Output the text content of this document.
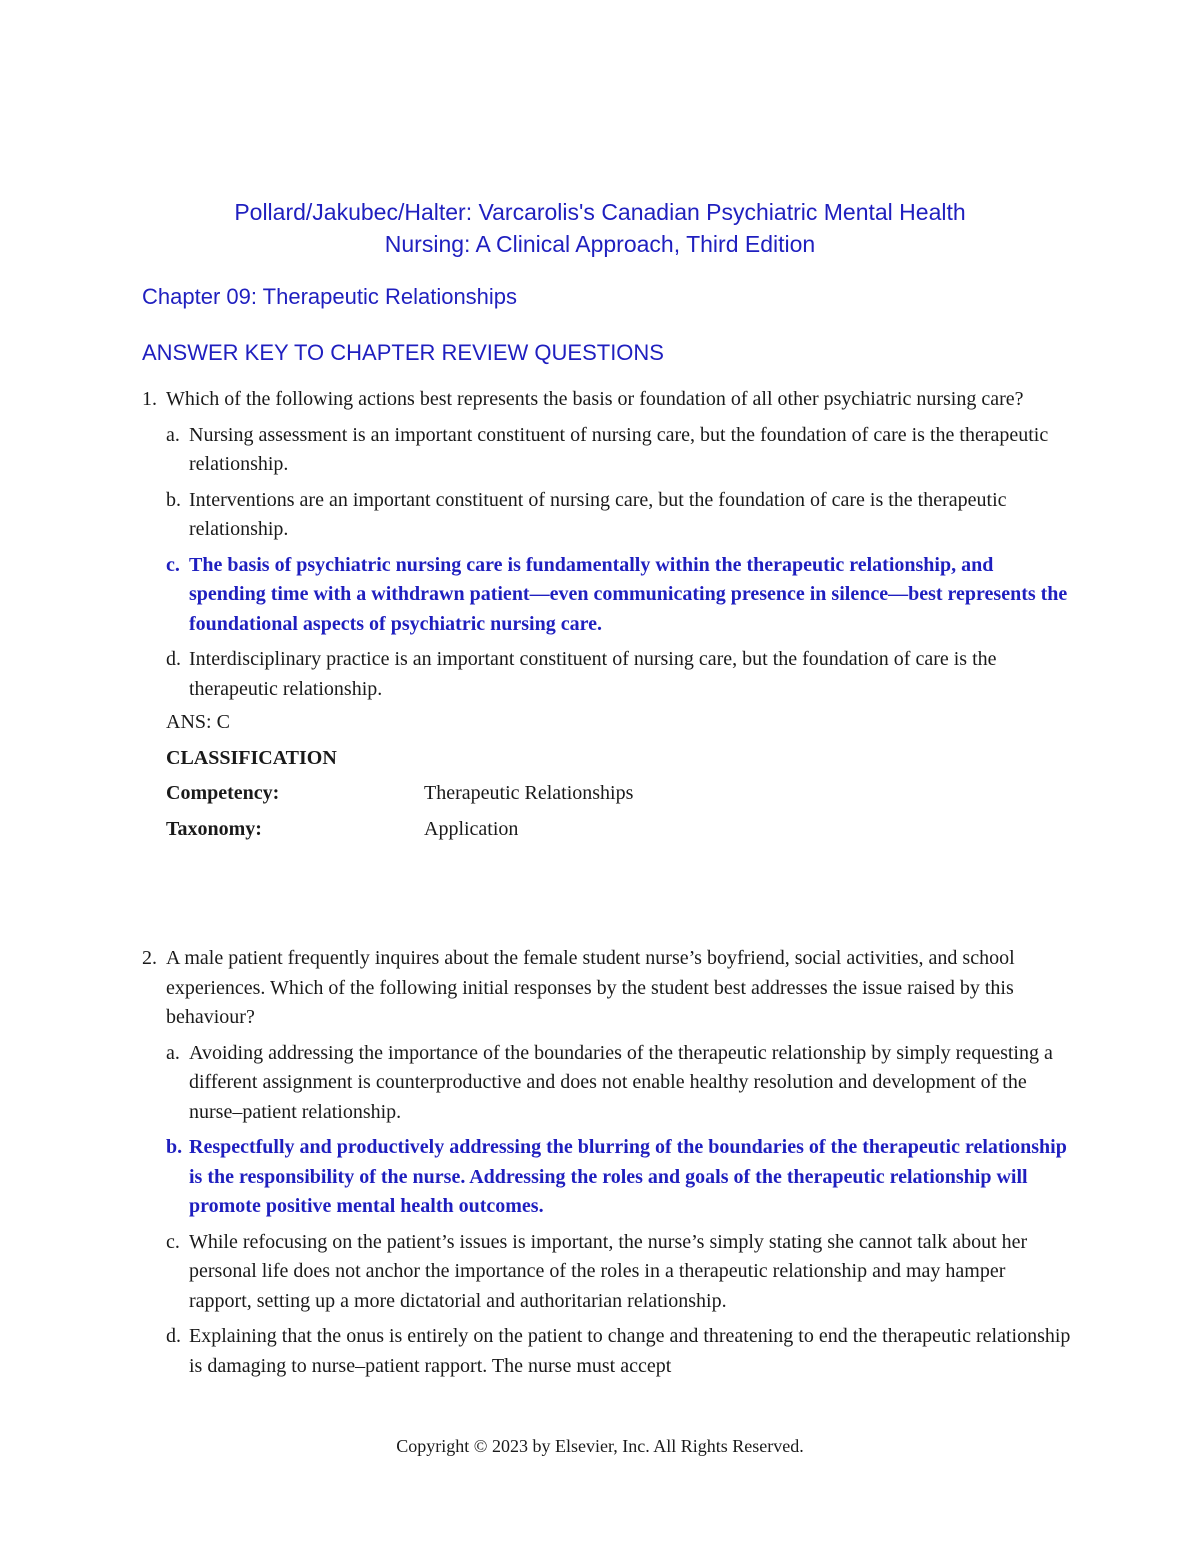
Pollard/Jakubec/Halter: Varcarolis's Canadian Psychiatric Mental Health
Nursing: A Clinical Approach, Third Edition
Chapter 09: Therapeutic Relationships
ANSWER KEY TO CHAPTER REVIEW QUESTIONS
1. Which of the following actions best represents the basis or foundation of all other psychiatric nursing care?
a. Nursing assessment is an important constituent of nursing care, but the foundation of care is the therapeutic relationship.
b. Interventions are an important constituent of nursing care, but the foundation of care is the therapeutic relationship.
c. The basis of psychiatric nursing care is fundamentally within the therapeutic relationship, and spending time with a withdrawn patient—even communicating presence in silence—best represents the foundational aspects of psychiatric nursing care.
d. Interdisciplinary practice is an important constituent of nursing care, but the foundation of care is the therapeutic relationship.
ANS: C
CLASSIFICATION
Competency:	Therapeutic Relationships
Taxonomy:	Application
2. A male patient frequently inquires about the female student nurse’s boyfriend, social activities, and school experiences. Which of the following initial responses by the student best addresses the issue raised by this behaviour?
a. Avoiding addressing the importance of the boundaries of the therapeutic relationship by simply requesting a different assignment is counterproductive and does not enable healthy resolution and development of the nurse–patient relationship.
b. Respectfully and productively addressing the blurring of the boundaries of the therapeutic relationship is the responsibility of the nurse. Addressing the roles and goals of the therapeutic relationship will promote positive mental health outcomes.
c. While refocusing on the patient’s issues is important, the nurse’s simply stating she cannot talk about her personal life does not anchor the importance of the roles in a therapeutic relationship and may hamper rapport, setting up a more dictatorial and authoritarian relationship.
d. Explaining that the onus is entirely on the patient to change and threatening to end the therapeutic relationship is damaging to nurse–patient rapport. The nurse must accept
Copyright © 2023 by Elsevier, Inc. All Rights Reserved.
